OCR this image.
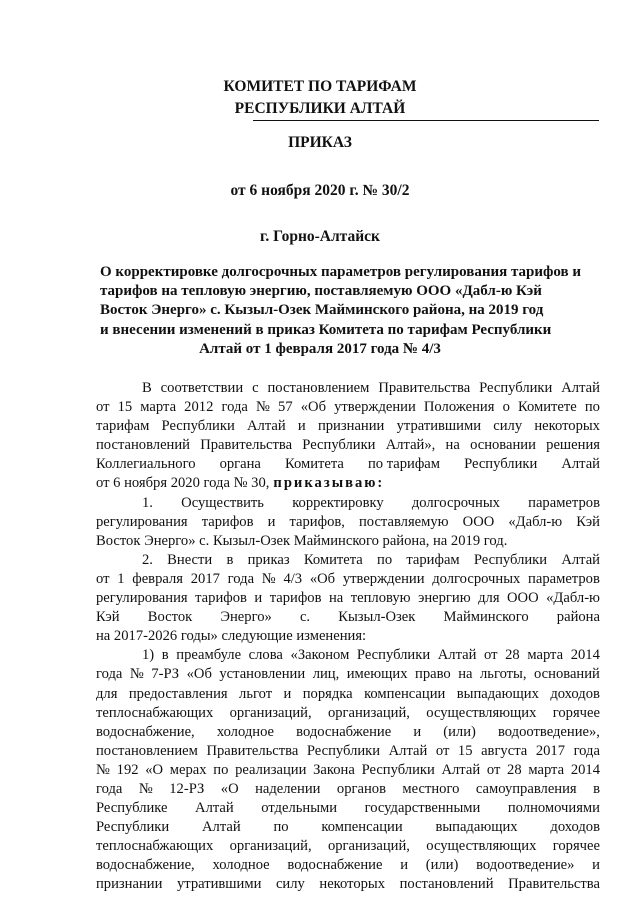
КОМИТЕТ ПО ТАРИФАМ
РЕСПУБЛИКИ АЛТАЙ
ПРИКАЗ
от 6 ноября 2020 г. № 30/2
г. Горно-Алтайск
О корректировке долгосрочных параметров регулирования тарифов и
тарифов на тепловую энергию, поставляемую ООО «Дабл-ю Кэй
Восток Энерго» с. Кызыл-Озек Майминского района, на 2019 год
и внесении изменений в приказ Комитета по тарифам Республики
Алтай от 1 февраля 2017 года № 4/3
В соответствии с постановлением Правительства Республики Алтай
от 15 марта 2012 года № 57 «Об утверждении Положения о Комитете по
тарифам Республики Алтай и признании утратившими силу некоторых
постановлений Правительства Республики Алтай», на основании решения
Коллегиального органа Комитета по тарифам Республики Алтай
от 6 ноября 2020 года № 30, приказываю:
1. Осуществить корректировку долгосрочных параметров
регулирования тарифов и тарифов, поставляемую ООО «Дабл-ю Кэй
Восток Энерго» с. Кызыл-Озек Майминского района, на 2019 год.
2. Внести в приказ Комитета по тарифам Республики Алтай
от 1 февраля 2017 года № 4/3 «Об утверждении долгосрочных параметров
регулирования тарифов и тарифов на тепловую энергию для ООО «Дабл-ю
Кэй Восток Энерго» с. Кызыл-Озек Майминского района
на 2017-2026 годы» следующие изменения:
1) в преамбуле слова «Законом Республики Алтай от 28 марта 2014
года № 7-РЗ «Об установлении лиц, имеющих право на льготы, оснований
для предоставления льгот и порядка компенсации выпадающих доходов
теплоснабжающих организаций, организаций, осуществляющих горячее
водоснабжение, холодное водоснабжение и (или) водоотведение»,
постановлением Правительства Республики Алтай от 15 августа 2017 года
№ 192 «О мерах по реализации Закона Республики Алтай от 28 марта 2014
года № 12-РЗ «О наделении органов местного самоуправления в
Республике Алтай отдельными государственными полномочиями
Республики Алтай по компенсации выпадающих доходов
теплоснабжающих организаций, организаций, осуществляющих горячее
водоснабжение, холодное водоснабжение и (или) водоотведение» и
признании утратившими силу некоторых постановлений Правительства
